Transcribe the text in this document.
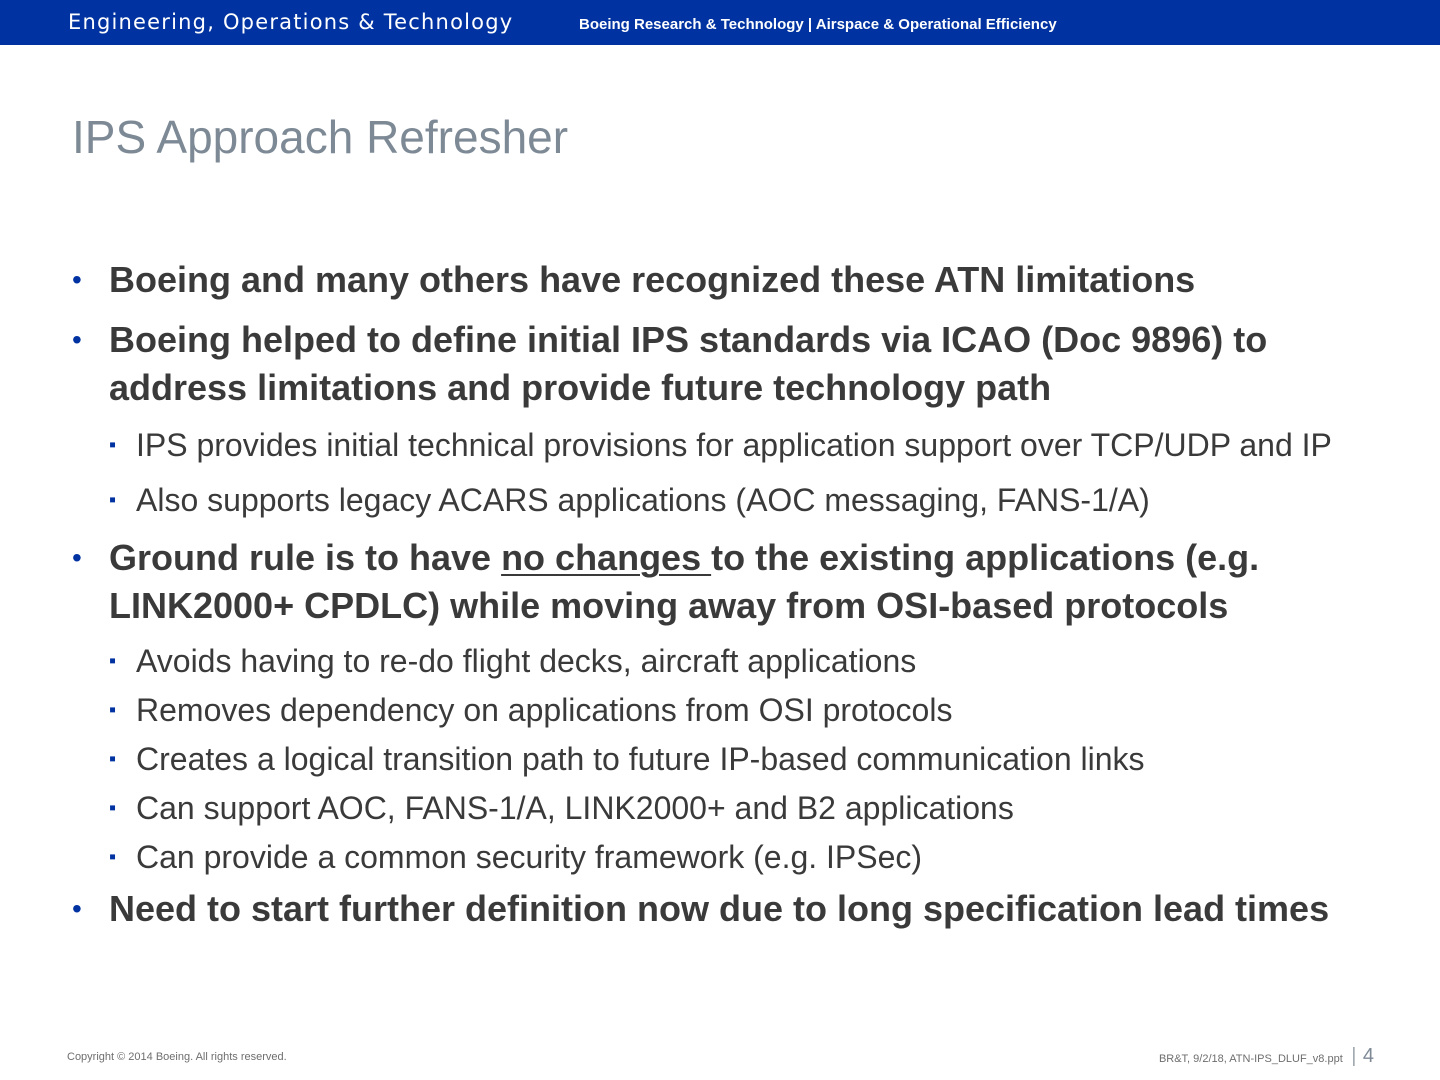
Engineering, Operations & Technology	Boeing Research & Technology | Airspace & Operational Efficiency
IPS Approach Refresher
• Boeing and many others have recognized these ATN limitations
• Boeing helped to define initial IPS standards via ICAO (Doc 9896) to address limitations and provide future technology path
▪ IPS provides initial technical provisions for application support over TCP/UDP and IP
▪ Also supports legacy ACARS applications (AOC messaging, FANS-1/A)
• Ground rule is to have no changes to the existing applications (e.g. LINK2000+ CPDLC) while moving away from OSI-based protocols
▪ Avoids having to re-do flight decks, aircraft applications
▪ Removes dependency on applications from OSI protocols
▪ Creates a logical transition path to future IP-based communication links
▪ Can support AOC, FANS-1/A, LINK2000+ and B2 applications
▪ Can provide a common security framework (e.g. IPSec)
• Need to start further definition now due to long specification lead times
Copyright © 2014 Boeing. All rights reserved.	BR&T, 9/2/18, ATN-IPS_DLUF_v8.ppt | 4
